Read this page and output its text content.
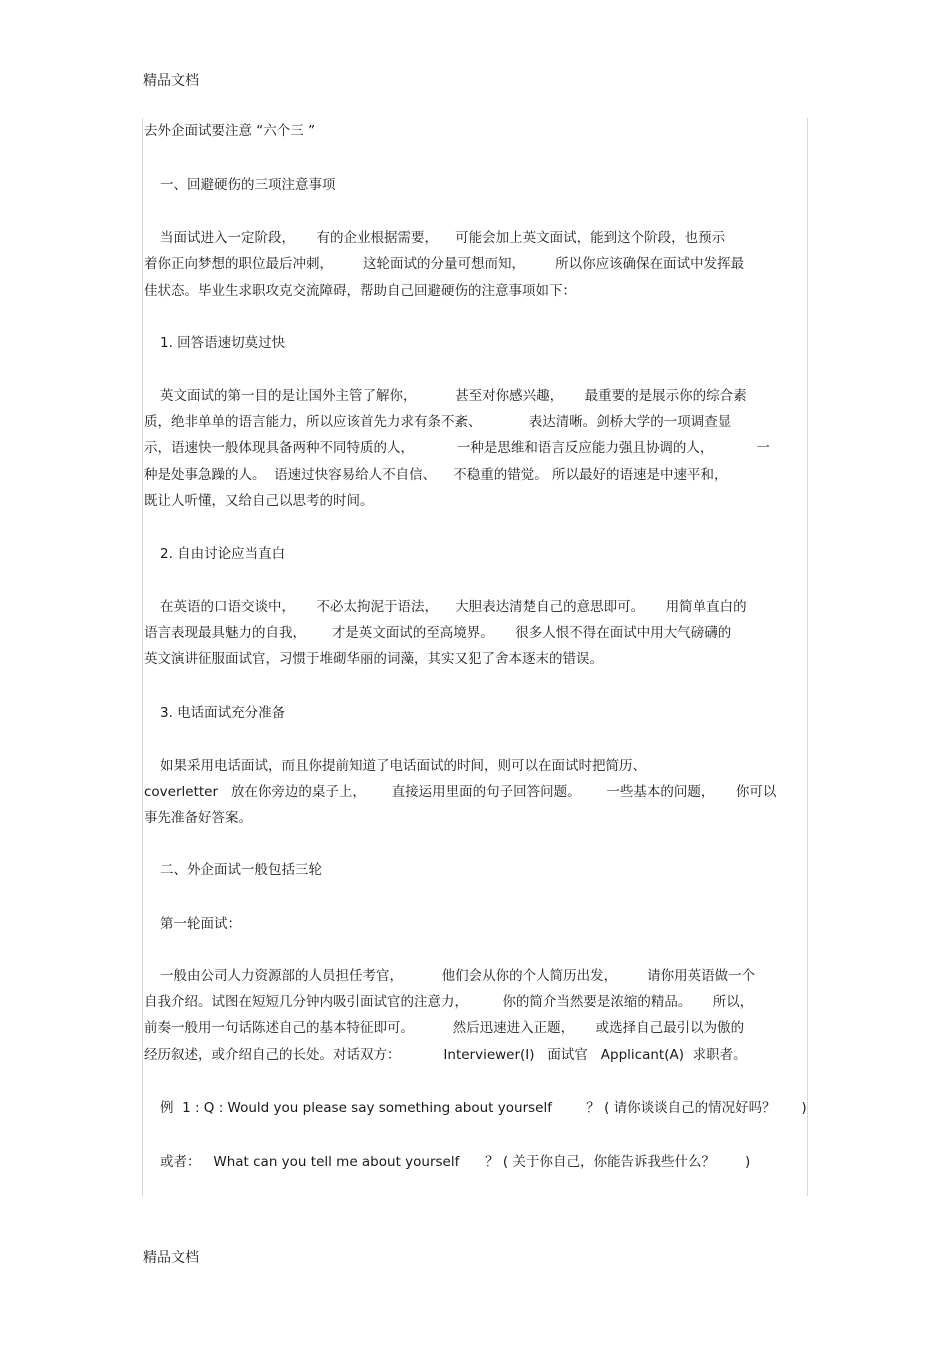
精品文档
去外企面试要注意 “六个三 ”
一、回避硬伤的三项注意事项
当面试进入一定阶段，     有的企业根据需要，    可能会加上英文面试，能到这个阶段，也预示
着你正向梦想的职位最后冲刺，       这轮面试的分量可想而知，       所以你应该确保在面试中发挥最
佳状态。毕业生求职攻克交流障碍，帮助自己回避硬伤的注意事项如下：
1. 回答语速切莫过快
英文面试的第一目的是让国外主管了解你，         甚至对你感兴趣，     最重要的是展示你的综合素
质，绝非单单的语言能力，所以应该首先力求有条不紊、           表达清晰。剑桥大学的一项调查显
示，语速快一般体现具备两种不同特质的人，          一种是思维和语言反应能力强且协调的人，          一
种是处事急躁的人。  语速过快容易给人不自信、    不稳重的错觉。 所以最好的语速是中速平和，
既让人听懂，又给自己以思考的时间。
2. 自由讨论应当直白
在英语的口语交谈中，     不必太拘泥于语法，    大胆表达清楚自己的意思即可。     用简单直白的
语言表现最具魅力的自我，      才是英文面试的至高境界。     很多人恨不得在面试中用大气磅礴的
英文演讲征服面试官，习惯于堆砌华丽的词藻，其实又犯了舍本逐末的错误。
3. 电话面试充分准备
如果采用电话面试，而且你提前知道了电话面试的时间，则可以在面试时把简历、
coverletter   放在你旁边的桌子上，      直接运用里面的句子回答问题。      一些基本的问题，     你可以
事先准备好答案。
二、外企面试一般包括三轮
第一轮面试：
一般由公司人力资源部的人员担任考官，         他们会从你的个人简历出发，       请你用英语做一个
自我介绍。试图在短短几分钟内吸引面试官的注意力，        你的简介当然要是浓缩的精品。     所以，
前奏一般用一句话陈述自己的基本特征即可。         然后迅速进入正题，     或选择自己最引以为傲的
经历叙述，或介绍自己的长处。对话双方：          Interviewer(I)   面试官   Applicant(A)  求职者。
例  1 : Q : Would you please say something about yourself        ？ ( 请你谈谈自己的情况好吗？      )
或者：   What can you tell me about yourself      ？ ( 关于你自己，你能告诉我些什么？       )
精品文档
